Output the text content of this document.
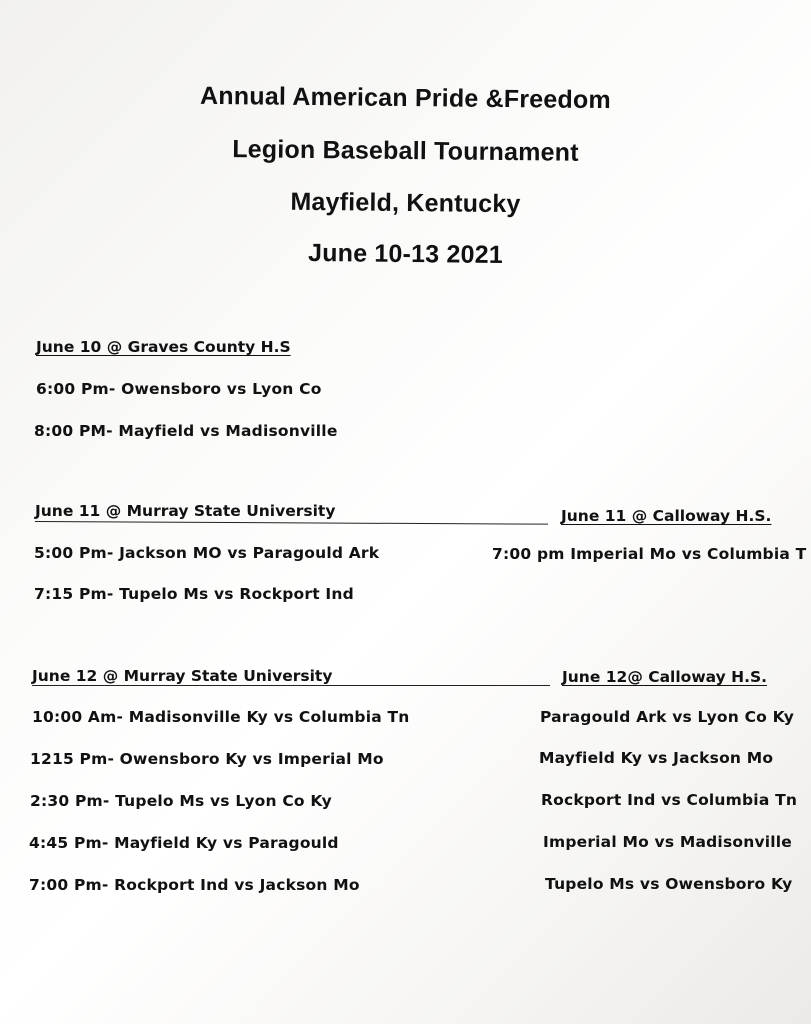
Annual American Pride &Freedom
Legion Baseball Tournament
Mayfield, Kentucky
June 10-13 2021
June 10 @ Graves County H.S
6:00 Pm- Owensboro vs Lyon Co
8:00 PM- Mayfield vs Madisonville
June 11 @ Murray State University	June 11 @ Calloway H.S.
5:00 Pm- Jackson MO vs Paragould Ark
7:15 Pm- Tupelo Ms vs Rockport Ind
7:00 pm Imperial Mo vs Columbia T
June 12 @ Murray State University	June 12@ Calloway H.S.
10:00 Am- Madisonville Ky vs Columbia Tn
1215 Pm- Owensboro Ky vs Imperial Mo
2:30 Pm- Tupelo Ms vs Lyon Co Ky
4:45 Pm- Mayfield Ky vs Paragould
7:00 Pm- Rockport Ind vs Jackson Mo
Paragould Ark vs Lyon Co Ky
Mayfield Ky vs Jackson Mo
Rockport Ind vs Columbia Tn
Imperial Mo vs Madisonville
Tupelo Ms vs Owensboro Ky
